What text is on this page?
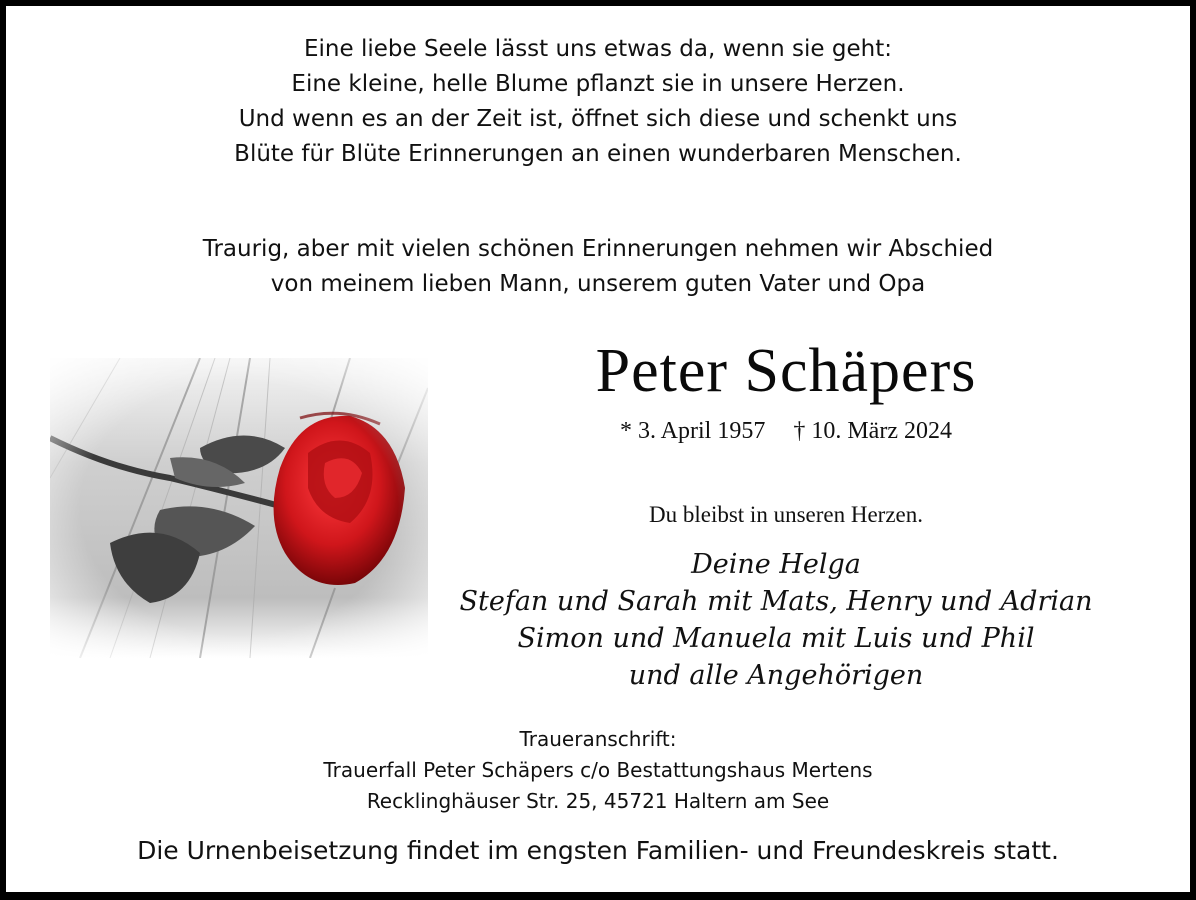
Eine liebe Seele lässt uns etwas da, wenn sie geht:
Eine kleine, helle Blume pflanzt sie in unsere Herzen.
Und wenn es an der Zeit ist, öffnet sich diese und schenkt uns
Blüte für Blüte Erinnerungen an einen wunderbaren Menschen.
Traurig, aber mit vielen schönen Erinnerungen nehmen wir Abschied
von meinem lieben Mann, unserem guten Vater und Opa
Peter Schäpers
* 3. April 1957 † 10. März 2024
Du bleibst in unseren Herzen.
Deine Helga
Stefan und Sarah mit Mats, Henry und Adrian
Simon und Manuela mit Luis und Phil
und alle Angehörigen
Traueranschrift:
Trauerfall Peter Schäpers c/o Bestattungshaus Mertens
Recklinghäuser Str. 25, 45721 Haltern am See
Die Urnenbeisetzung findet im engsten Familien- und Freundeskreis statt.
